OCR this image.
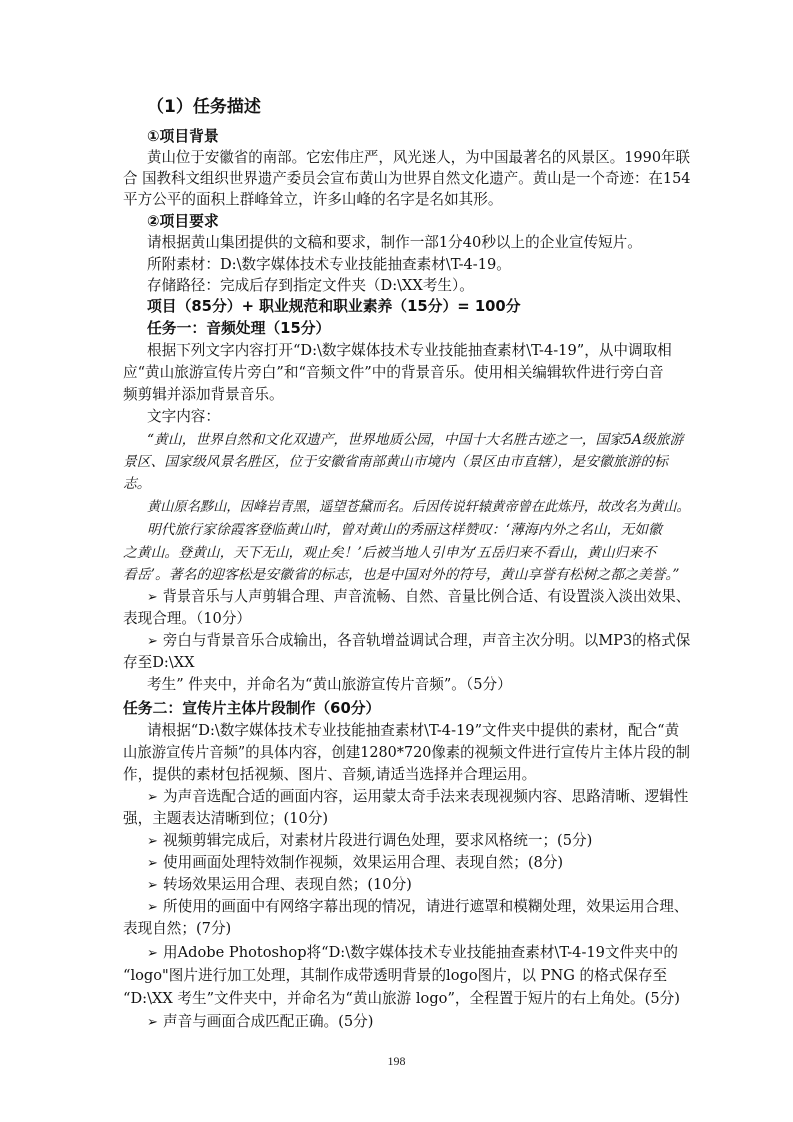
（1）任务描述
①项目背景
黄山位于安徽省的南部。它宏伟庄严，风光迷人，为中国最著名的风景区。1990年联
合 国教科文组织世界遗产委员会宣布黄山为世界自然文化遗产。黄山是一个奇迹：在154
平方公平的面积上群峰耸立，许多山峰的名字是名如其形。
②项目要求
请根据黄山集团提供的文稿和要求，制作一部1分40秒以上的企业宣传短片。
所附素材：D:\数字媒体技术专业技能抽查素材\T-4-19。
存储路径：完成后存到指定文件夹（D:\XX考生）。
项目（85分）+ 职业规范和职业素养（15分）= 100分
任务一：音频处理（15分）
根据下列文字内容打开“D:\数字媒体技术专业技能抽查素材\T-4-19”，从中调取相
应“黄山旅游宣传片旁白”和“音频文件”中的背景音乐。使用相关编辑软件进行旁白音
频剪辑并添加背景音乐。
文字内容：
“黄山，世界自然和文化双遗产，世界地质公园，中国十大名胜古迹之一，国家5A级旅游
景区、国家级风景名胜区，位于安徽省南部黄山市境内（景区由市直辖），是安徽旅游的标
志。
黄山原名黟山，因峰岩青黑，遥望苍黛而名。后因传说轩辕黄帝曾在此炼丹，故改名为黄山。
明代旅行家徐霞客登临黄山时，曾对黄山的秀丽这样赞叹：‘薄海内外之名山，无如徽
之黄山。登黄山，天下无山，观止矣！’后被当地人引申为‘五岳归来不看山，黄山归来不
看岳’。著名的迎客松是安徽省的标志，也是中国对外的符号，黄山享誉有松树之都之美誉。”
➢ 背景音乐与人声剪辑合理、声音流畅、自然、音量比例合适、有设置淡入淡出效果、
表现合理。（10分）
➢ 旁白与背景音乐合成输出，各音轨增益调试合理，声音主次分明。以MP3的格式保
存至D:\XX
考生” 件夹中，并命名为“黄山旅游宣传片音频”。（5分）
任务二：宣传片主体片段制作（60分）
请根据“D:\数字媒体技术专业技能抽查素材\T-4-19”文件夹中提供的素材，配合“黄
山旅游宣传片音频”的具体内容，创建1280*720像素的视频文件进行宣传片主体片段的制
作，提供的素材包括视频、图片、音频,请适当选择并合理运用。
➢ 为声音选配合适的画面内容，运用蒙太奇手法来表现视频内容、思路清晰、逻辑性
强，主题表达清晰到位；(10分)
➢ 视频剪辑完成后，对素材片段进行调色处理，要求风格统一；(5分)
➢ 使用画面处理特效制作视频，效果运用合理、表现自然；(8分)
➢ 转场效果运用合理、表现自然；(10分)
➢ 所使用的画面中有网络字幕出现的情况，请进行遮罩和模糊处理，效果运用合理、
表现自然；(7分)
➢ 用Adobe Photoshop将“D:\数字媒体技术专业技能抽查素材\T-4-19文件夹中的
“logo"图片进行加工处理，其制作成带透明背景的logo图片，以 PNG 的格式保存至
“D:\XX 考生”文件夹中，并命名为“黄山旅游 logo”，全程置于短片的右上角处。(5分)
➢ 声音与画面合成匹配正确。(5分)
198
